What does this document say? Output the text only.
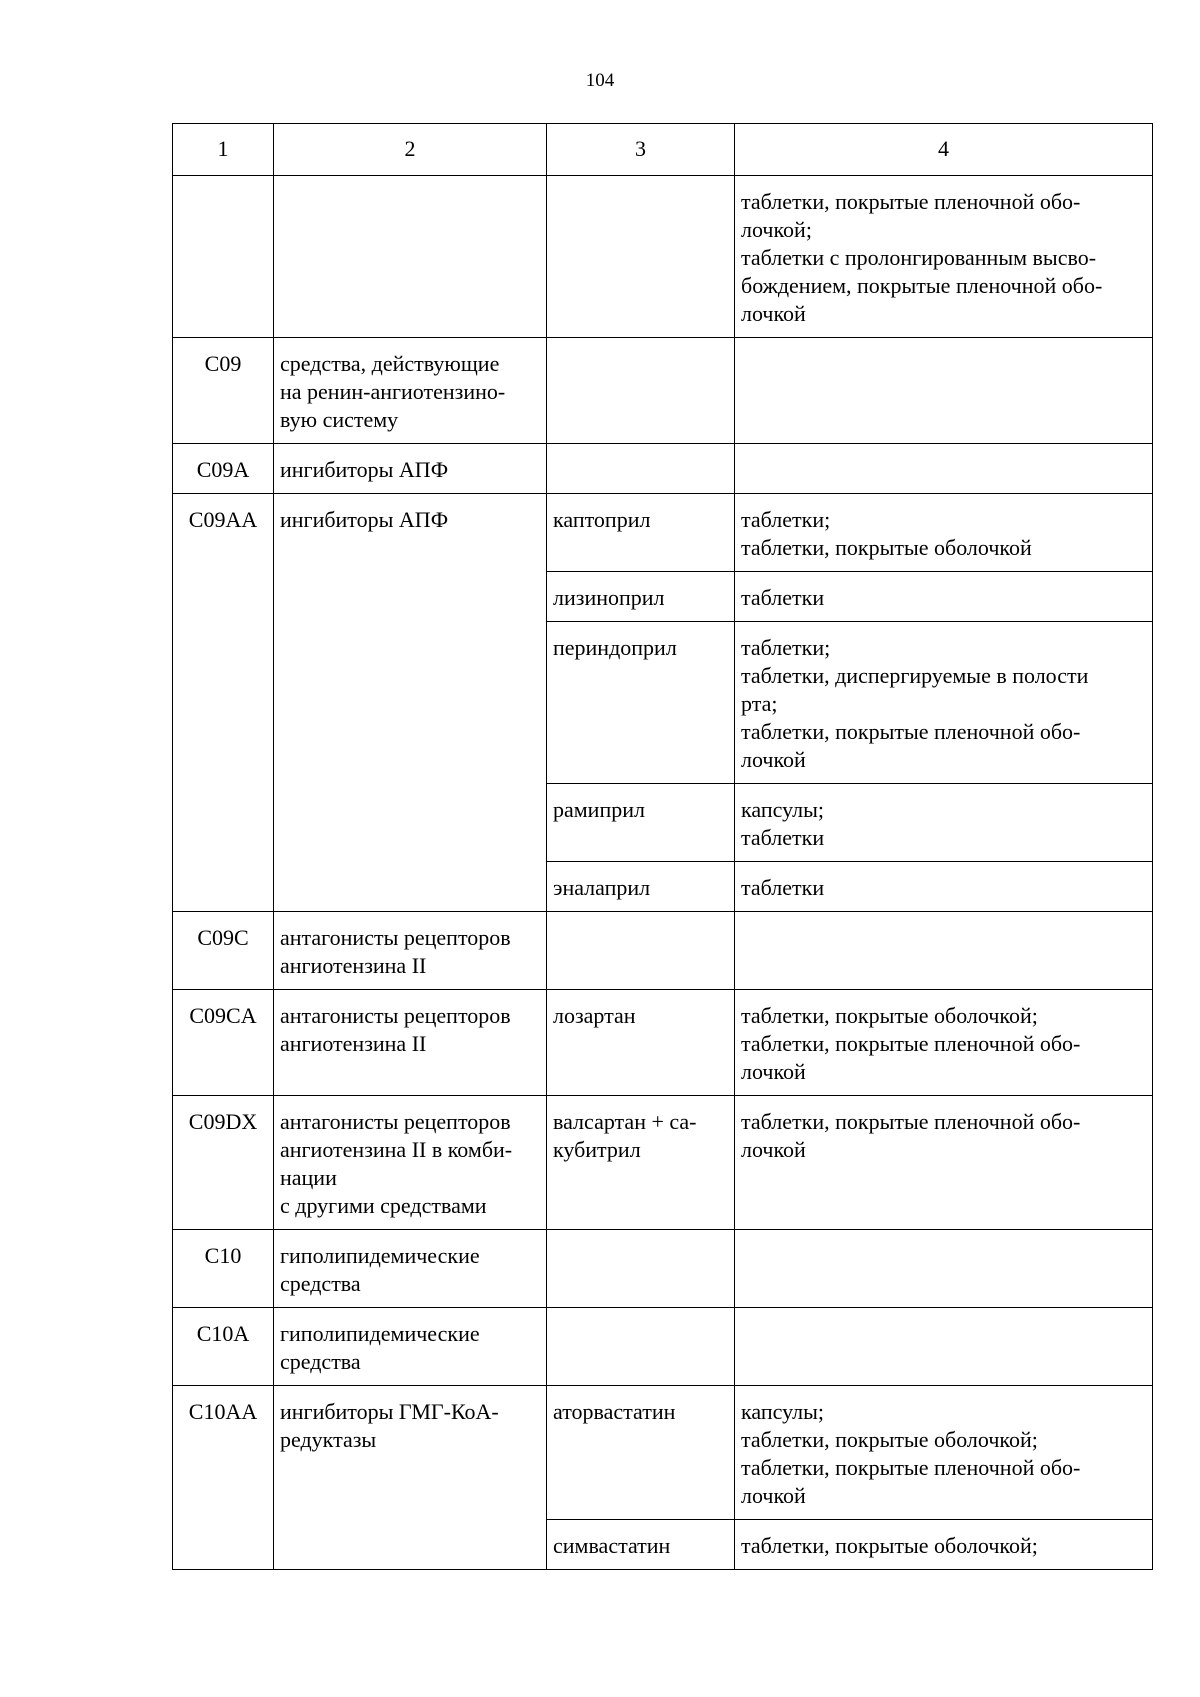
104
1	2	3	4

			таблетки, покрытые пленочной обо-
лочкой;
таблетки с пролонгированным высво-
бождением, покрытые пленочной обо-
лочкой

C09	средства, действующие
на ренин-ангиотензино-
вую систему		

C09A	ингибиторы АПФ		

C09AA	ингибиторы АПФ	каптоприл	таблетки;
таблетки, покрытые оболочкой

		лизиноприл	таблетки

		периндоприл	таблетки;
таблетки, диспергируемые в полости
рта;
таблетки, покрытые пленочной обо-
лочкой

		рамиприл	капсулы;
таблетки

		эналаприл	таблетки

C09C	антагонисты рецепторов
ангиотензина II		

C09CA	антагонисты рецепторов
ангиотензина II	лозартан	таблетки, покрытые оболочкой;
таблетки, покрытые пленочной обо-
лочкой

C09DX	антагонисты рецепторов
ангиотензина II в комби-
нации
с другими средствами	валсартан + са-
кубитрил	таблетки, покрытые пленочной обо-
лочкой

C10	гиполипидемические
средства		

C10A	гиполипидемические
средства		

C10AA	ингибиторы ГМГ-КоА-
редуктазы	аторвастатин	капсулы;
таблетки, покрытые оболочкой;
таблетки, покрытые пленочной обо-
лочкой

		симвастатин	таблетки, покрытые оболочкой;
